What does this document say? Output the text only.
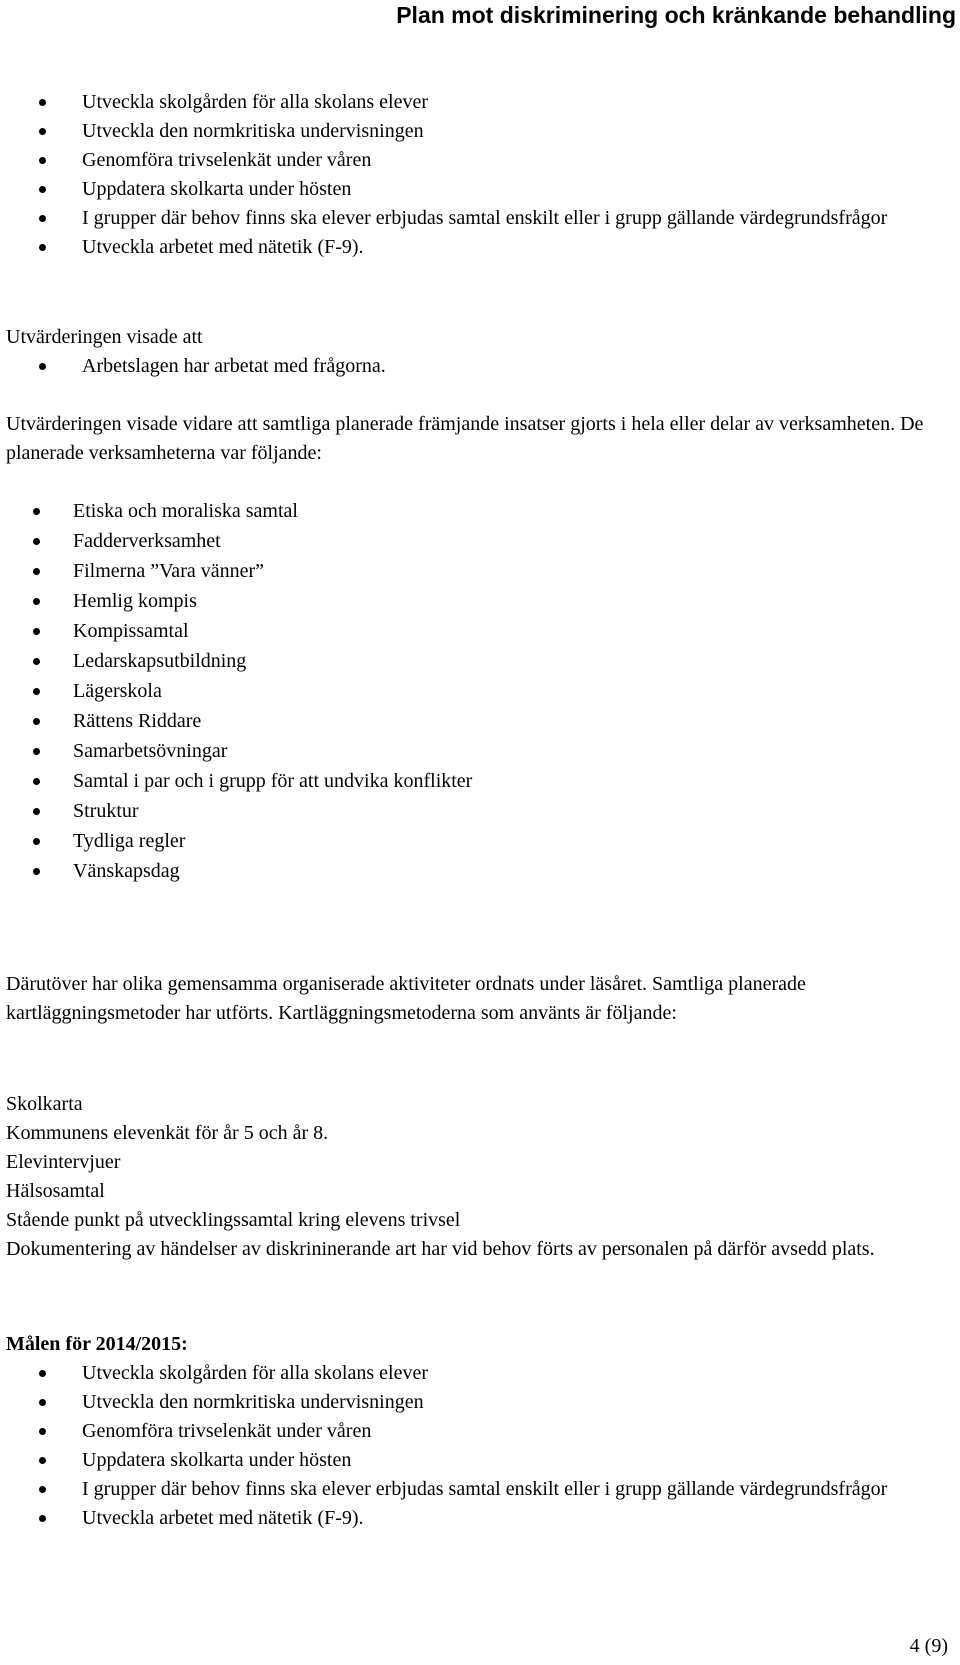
Plan mot diskriminering och kränkande behandling
Utveckla skolgården för alla skolans elever
Utveckla den normkritiska undervisningen
Genomföra trivselenkät under våren
Uppdatera skolkarta under hösten
I grupper där behov finns ska elever erbjudas samtal enskilt eller i grupp gällande värdegrundsfrågor
Utveckla arbetet med nätetik (F-9).

Utvärderingen visade att

Arbetslagen har arbetat med frågorna.

Utvärderingen visade vidare att samtliga planerade främjande insatser gjorts i hela eller delar av verksamheten. De planerade verksamheterna var följande:

Etiska och moraliska samtal
Fadderverksamhet
Filmerna ”Vara vänner”
Hemlig kompis
Kompissamtal
Ledarskapsutbildning
Lägerskola
Rättens Riddare
Samarbetsövningar
Samtal i par och i grupp för att undvika konflikter
Struktur
Tydliga regler
Vänskapsdag

Därutöver har olika gemensamma organiserade aktiviteter ordnats under läsåret. Samtliga planerade kartläggningsmetoder har utförts. Kartläggningsmetoderna som använts är följande:

Skolkarta

Kommunens elevenkät för år 5 och år 8.

Elevintervjuer

Hälsosamtal

Stående punkt på utvecklingssamtal kring elevens trivsel

Dokumentering av händelser av diskrininerande art har vid behov förts av personalen på därför avsedd plats.

Målen för 2014/2015:

Utveckla skolgården för alla skolans elever
Utveckla den normkritiska undervisningen
Genomföra trivselenkät under våren
Uppdatera skolkarta under hösten
I grupper där behov finns ska elever erbjudas samtal enskilt eller i grupp gällande värdegrundsfrågor
Utveckla arbetet med nätetik (F-9).
4 (9)
